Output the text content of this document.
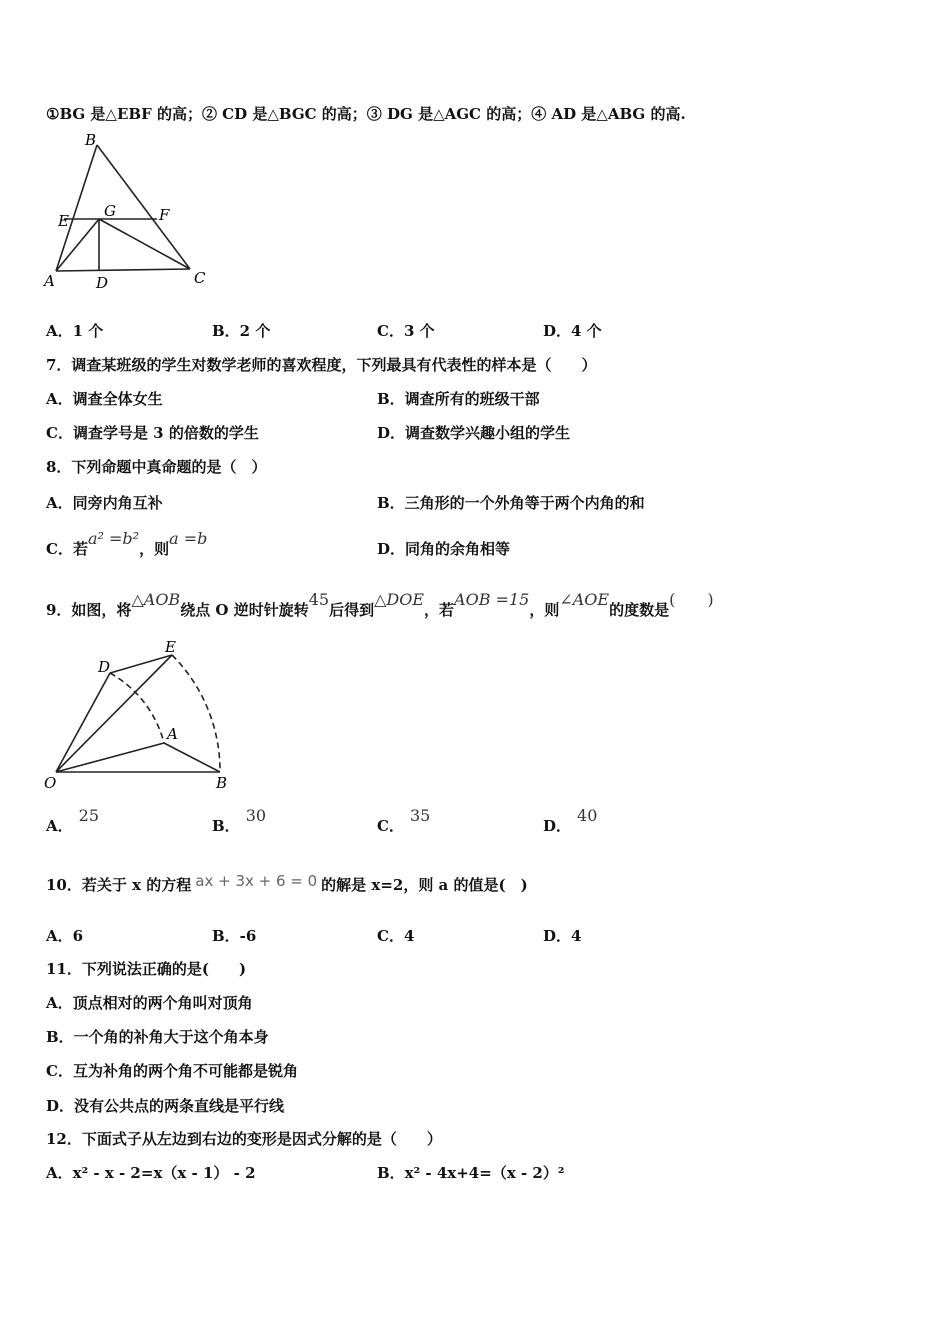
①BG 是△EBF 的高；② CD 是△BGC 的高；③ DG 是△AGC 的高；④ AD 是△ABG 的高.
B
E
G	F
A	D	C
A．1 个	B．2 个	C．3 个	D．4 个
7．调查某班级的学生对数学老师的喜欢程度，下列最具有代表性的样本是（　　）
A．调查全体女生	B．调查所有的班级干部
C．调查学号是 3 的倍数的学生	D．调查数学兴趣小组的学生
8．下列命题中真命题的是（　）
A．同旁内角互补	B．三角形的一个外角等于两个内角的和
C．若a² =b²，则a =b
D．同角的余角相等
9．如图，将△AOB绕点 O 逆时针旋转45后得到△DOE，若AOB =15，则∠AOE的度数是(　　)
D
E
A
O	B
A．25
B．30
C．35
D．40
10．若关于 x 的方程 ax + 3x + 6 = 0 的解是 x=2，则 a 的值是(　)
A．6	B．-6	C．4	D．4
11．下列说法正确的是(　　)
A．顶点相对的两个角叫对顶角
B．一个角的补角大于这个角本身
C．互为补角的两个角不可能都是锐角
D．没有公共点的两条直线是平行线
12．下面式子从左边到右边的变形是因式分解的是（　　）
A．x² - x - 2=x（x - 1） - 2	B．x² - 4x+4=（x - 2）²
